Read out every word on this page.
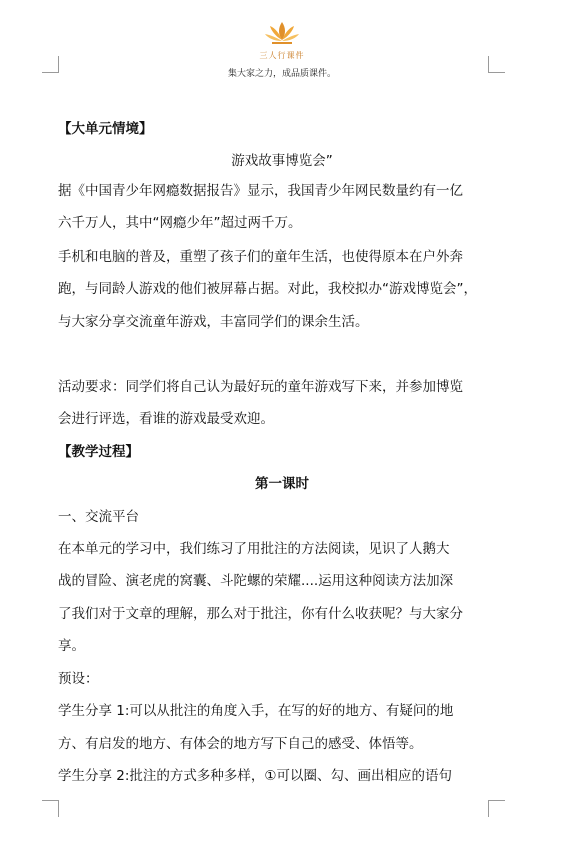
三人行课件
集大家之力，成品质课件。
【大单元情境】
游戏故事博览会”
据《中国青少年网瘾数据报告》显示，我国青少年网民数量约有一亿
六千万人，其中“网瘾少年”超过两千万。
手机和电脑的普及，重塑了孩子们的童年生活，也使得原本在户外奔
跑，与同龄人游戏的他们被屏幕占据。对此，我校拟办“游戏博览会”，
与大家分享交流童年游戏，丰富同学们的课余生活。
活动要求：同学们将自己认为最好玩的童年游戏写下来，并参加博览
会进行评选，看谁的游戏最受欢迎。
【教学过程】
第一课时
一、交流平台
在本单元的学习中，我们练习了用批注的方法阅读，见识了人鹅大
战的冒险、演老虎的窝囊、斗陀螺的荣耀....运用这种阅读方法加深
了我们对于文章的理解，那么对于批注，你有什么收获呢？与大家分
享。
预设：
学生分享 1:可以从批注的角度入手，在写的好的地方、有疑问的地
方、有启发的地方、有体会的地方写下自己的感受、体悟等。
学生分享 2:批注的方式多种多样，①可以圈、勾、画出相应的语句
